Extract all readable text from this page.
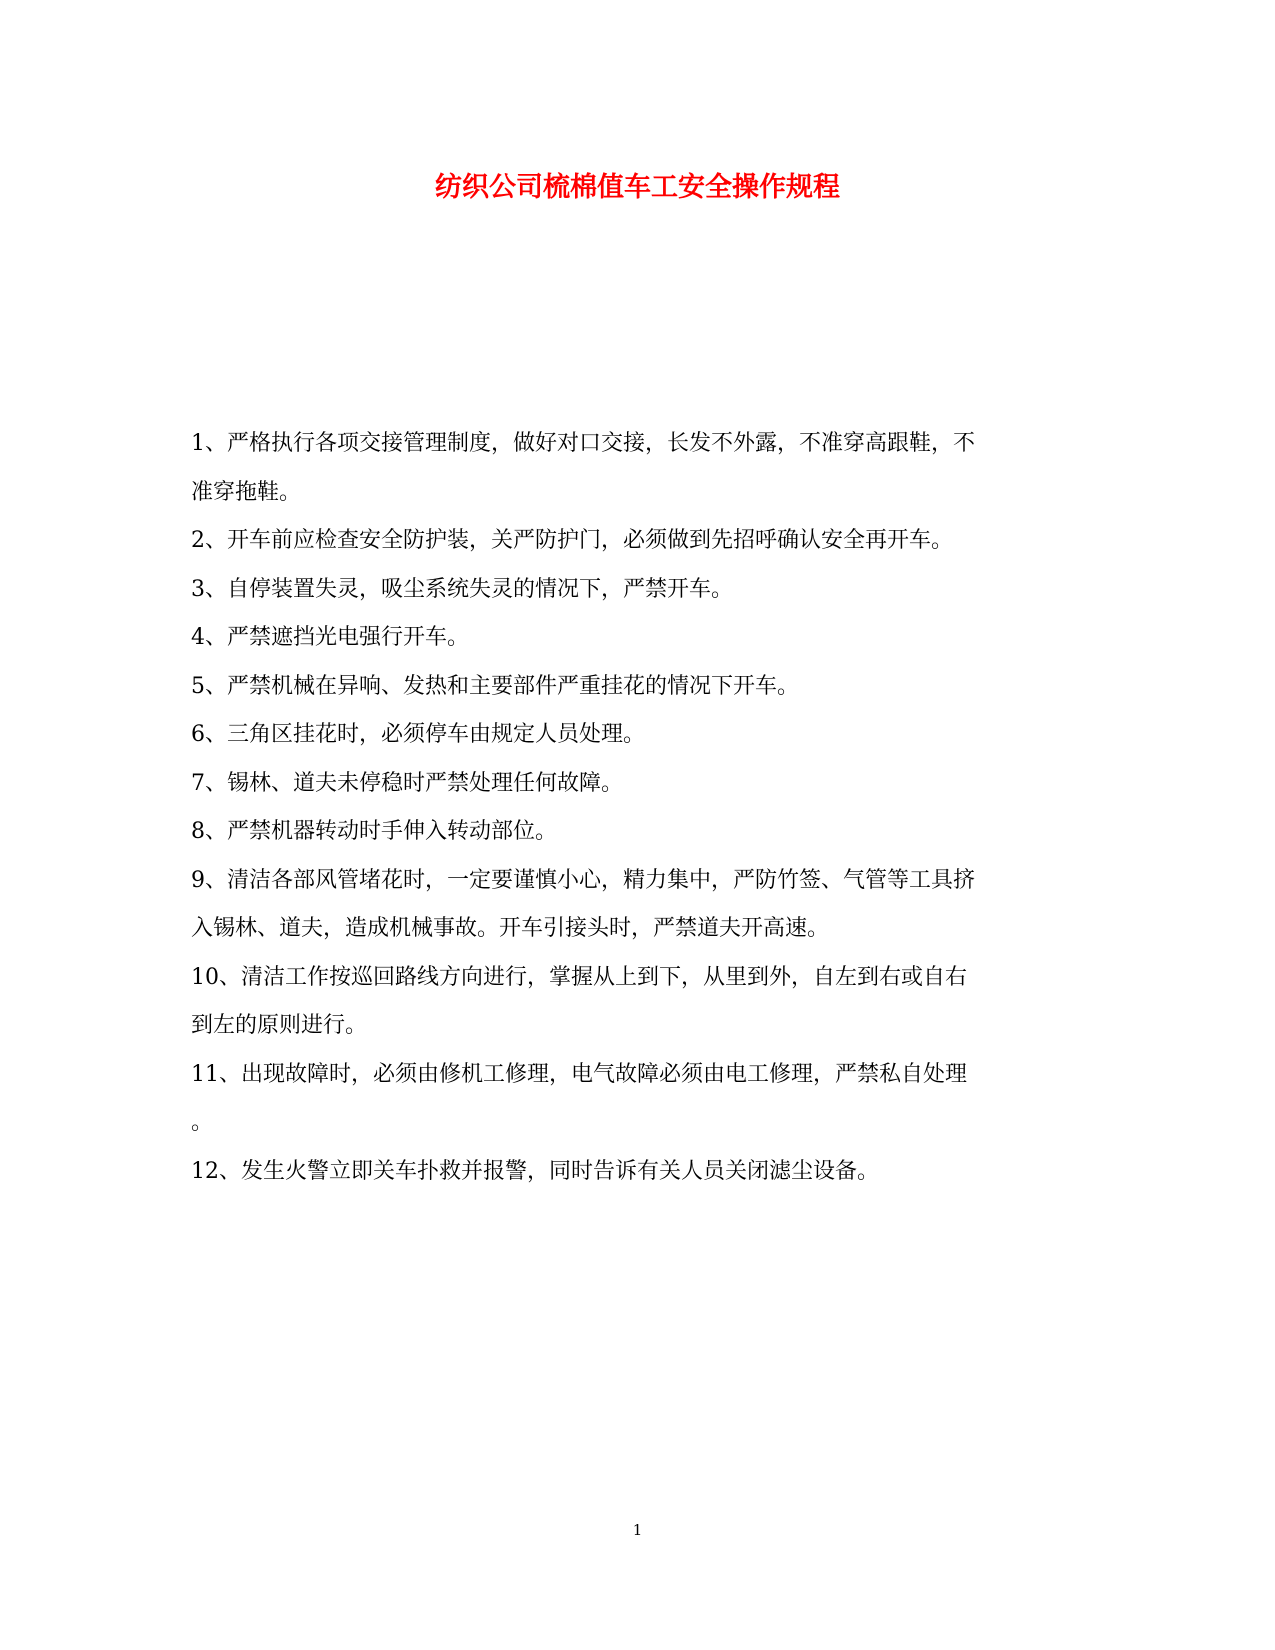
纺织公司梳棉值车工安全操作规程

1、严格执行各项交接管理制度，做好对口交接，长发不外露，不准穿高跟鞋，不

准穿拖鞋。

2、开车前应检查安全防护装，关严防护门，必须做到先招呼确认安全再开车。

3、自停装置失灵，吸尘系统失灵的情况下，严禁开车。

4、严禁遮挡光电强行开车。

5、严禁机械在异响、发热和主要部件严重挂花的情况下开车。

6、三角区挂花时，必须停车由规定人员处理。

7、锡林、道夫未停稳时严禁处理任何故障。

8、严禁机器转动时手伸入转动部位。

9、清洁各部风管堵花时，一定要谨慎小心，精力集中，严防竹签、气管等工具挤

入锡林、道夫，造成机械事故。开车引接头时，严禁道夫开高速。

10、清洁工作按巡回路线方向进行，掌握从上到下，从里到外，自左到右或自右

到左的原则进行。

11、出现故障时，必须由修机工修理，电气故障必须由电工修理，严禁私自处理

。

12、发生火警立即关车扑救并报警，同时告诉有关人员关闭滤尘设备。

1
